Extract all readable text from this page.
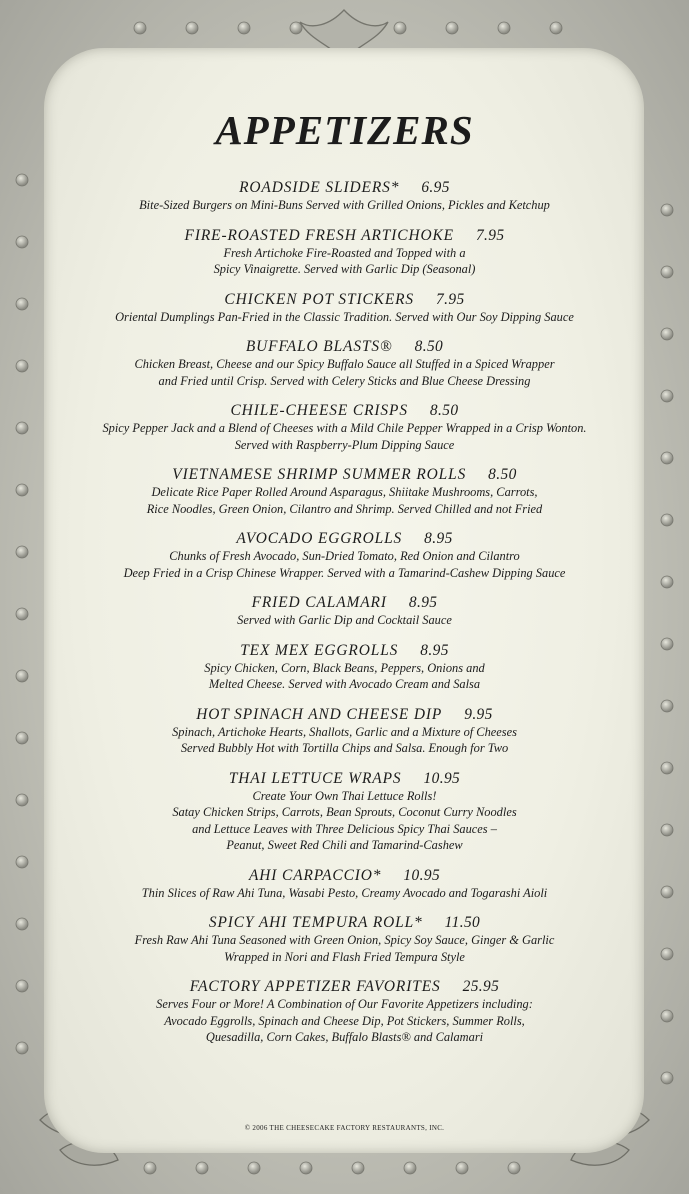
APPETIZERS
ROADSIDE SLIDERS* 6.95
Bite-Sized Burgers on Mini-Buns Served with Grilled Onions, Pickles and Ketchup
FIRE-ROASTED FRESH ARTICHOKE 7.95
Fresh Artichoke Fire-Roasted and Topped with a
Spicy Vinaigrette. Served with Garlic Dip (Seasonal)
CHICKEN POT STICKERS 7.95
Oriental Dumplings Pan-Fried in the Classic Tradition. Served with Our Soy Dipping Sauce
BUFFALO BLASTS® 8.50
Chicken Breast, Cheese and our Spicy Buffalo Sauce all Stuffed in a Spiced Wrapper
and Fried until Crisp. Served with Celery Sticks and Blue Cheese Dressing
CHILE-CHEESE CRISPS 8.50
Spicy Pepper Jack and a Blend of Cheeses with a Mild Chile Pepper Wrapped in a Crisp Wonton.
Served with Raspberry-Plum Dipping Sauce
VIETNAMESE SHRIMP SUMMER ROLLS 8.50
Delicate Rice Paper Rolled Around Asparagus, Shiitake Mushrooms, Carrots,
Rice Noodles, Green Onion, Cilantro and Shrimp. Served Chilled and not Fried
AVOCADO EGGROLLS 8.95
Chunks of Fresh Avocado, Sun-Dried Tomato, Red Onion and Cilantro
Deep Fried in a Crisp Chinese Wrapper. Served with a Tamarind-Cashew Dipping Sauce
FRIED CALAMARI 8.95
Served with Garlic Dip and Cocktail Sauce
TEX MEX EGGROLLS 8.95
Spicy Chicken, Corn, Black Beans, Peppers, Onions and
Melted Cheese. Served with Avocado Cream and Salsa
HOT SPINACH AND CHEESE DIP 9.95
Spinach, Artichoke Hearts, Shallots, Garlic and a Mixture of Cheeses
Served Bubbly Hot with Tortilla Chips and Salsa. Enough for Two
THAI LETTUCE WRAPS 10.95
Create Your Own Thai Lettuce Rolls!
Satay Chicken Strips, Carrots, Bean Sprouts, Coconut Curry Noodles
and Lettuce Leaves with Three Delicious Spicy Thai Sauces –
Peanut, Sweet Red Chili and Tamarind-Cashew
AHI CARPACCIO* 10.95
Thin Slices of Raw Ahi Tuna, Wasabi Pesto, Creamy Avocado and Togarashi Aioli
SPICY AHI TEMPURA ROLL* 11.50
Fresh Raw Ahi Tuna Seasoned with Green Onion, Spicy Soy Sauce, Ginger & Garlic
Wrapped in Nori and Flash Fried Tempura Style
FACTORY APPETIZER FAVORITES 25.95
Serves Four or More! A Combination of Our Favorite Appetizers including:
Avocado Eggrolls, Spinach and Cheese Dip, Pot Stickers, Summer Rolls,
Quesadilla, Corn Cakes, Buffalo Blasts® and Calamari
© 2006 THE CHEESECAKE FACTORY RESTAURANTS, INC.
